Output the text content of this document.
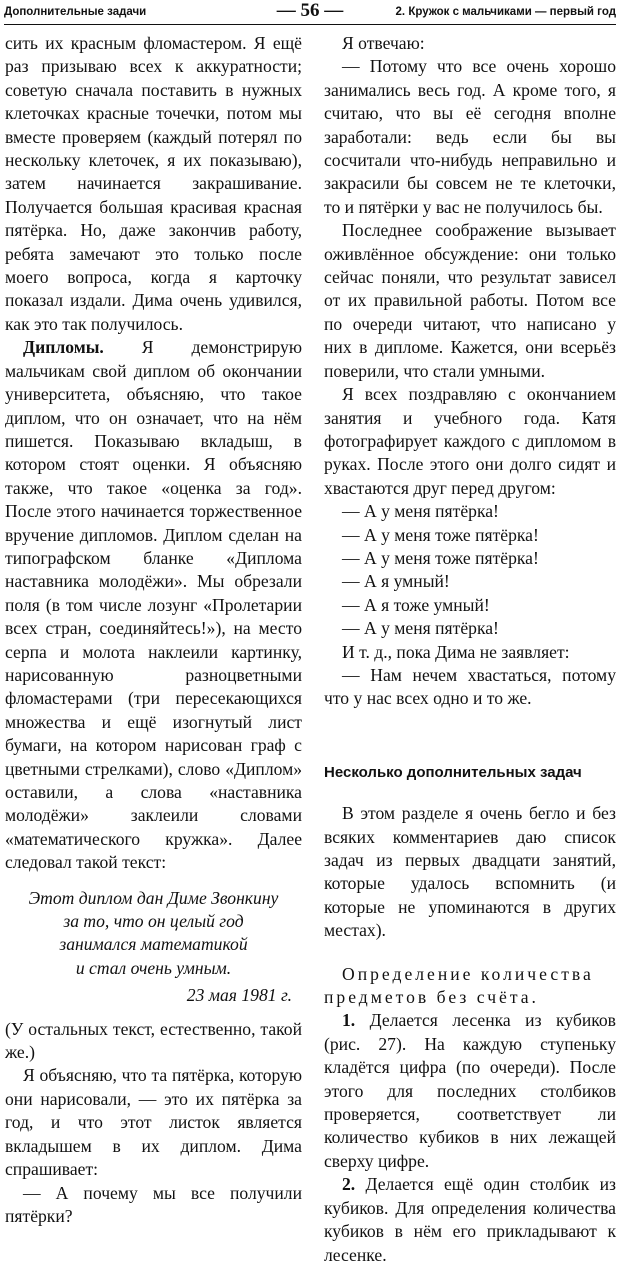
Дополнительные задачи	— 56 —	2. Кружок с мальчиками — первый год

сить их красным фломастером. Я ещё раз призываю всех к аккуратности; советую сначала поставить в нужных клеточках красные точечки, потом мы вместе проверяем (каждый потерял по нескольку клеточек, я их показываю), затем начинается закрашивание. Получается большая красивая красная пятёрка. Но, даже закончив работу, ребята замечают это только после моего вопроса, когда я карточку показал издали. Дима очень удивился, как это так получилось.

Дипломы. Я демонстрирую мальчикам свой диплом об окончании университета, объясняю, что такое диплом, что он означает, что на нём пишется. Показываю вкладыш, в котором стоят оценки. Я объясняю также, что такое «оценка за год». После этого начинается торжественное вручение дипломов. Диплом сделан на типографском бланке «Диплома наставника молодёжи». Мы обрезали поля (в том числе лозунг «Пролетарии всех стран, соединяйтесь!»), на место серпа и молота наклеили картинку, нарисованную разноцветными фломастерами (три пересекающихся множества и ещё изогнутый лист бумаги, на котором нарисован граф с цветными стрелками), слово «Диплом» оставили, а слова «наставника молодёжи» заклеили словами «математического кружка». Далее следовал такой текст:

Этот диплом дан Диме Звонкину
за то, что он целый год
занимался математикой
и стал очень умным.

23 мая 1981 г.

(У остальных текст, естественно, такой же.)

Я объясняю, что та пятёрка, которую они нарисовали, — это их пятёрка за год, и что этот листок является вкладышем в их диплом. Дима спрашивает:

— А почему мы все получили пятёрки?

Я отвечаю:

— Потому что все очень хорошо занимались весь год. А кроме того, я считаю, что вы её сегодня вполне заработали: ведь если бы вы сосчитали что-нибудь неправильно и закрасили бы совсем не те клеточки, то и пятёрки у вас не получилось бы.

Последнее соображение вызывает оживлённое обсуждение: они только сейчас поняли, что результат зависел от их правильной работы. Потом все по очереди читают, что написано у них в дипломе. Кажется, они всерьёз поверили, что стали умными.

Я всех поздравляю с окончанием занятия и учебного года. Катя фотографирует каждого с дипломом в руках. После этого они долго сидят и хвастаются друг перед другом:

— А у меня пятёрка!

— А у меня тоже пятёрка!

— А у меня тоже пятёрка!

— А я умный!

— А я тоже умный!

— А у меня пятёрка!

И т. д., пока Дима не заявляет:

— Нам нечем хвастаться, потому что у нас всех одно и то же.

Несколько дополнительных задач

В этом разделе я очень бегло и без всяких комментариев даю список задач из первых двадцати занятий, которые удалось вспомнить (и которые не упоминаются в других местах).

Определение количества предметов без счёта.

1. Делается лесенка из кубиков (рис. 27). На каждую ступеньку кладётся цифра (по очереди). После этого для последних столбиков проверяется, соответствует ли количество кубиков в них лежащей сверху цифре.

2. Делается ещё один столбик из кубиков. Для определения количества кубиков в нём его прикладывают к лесенке.
